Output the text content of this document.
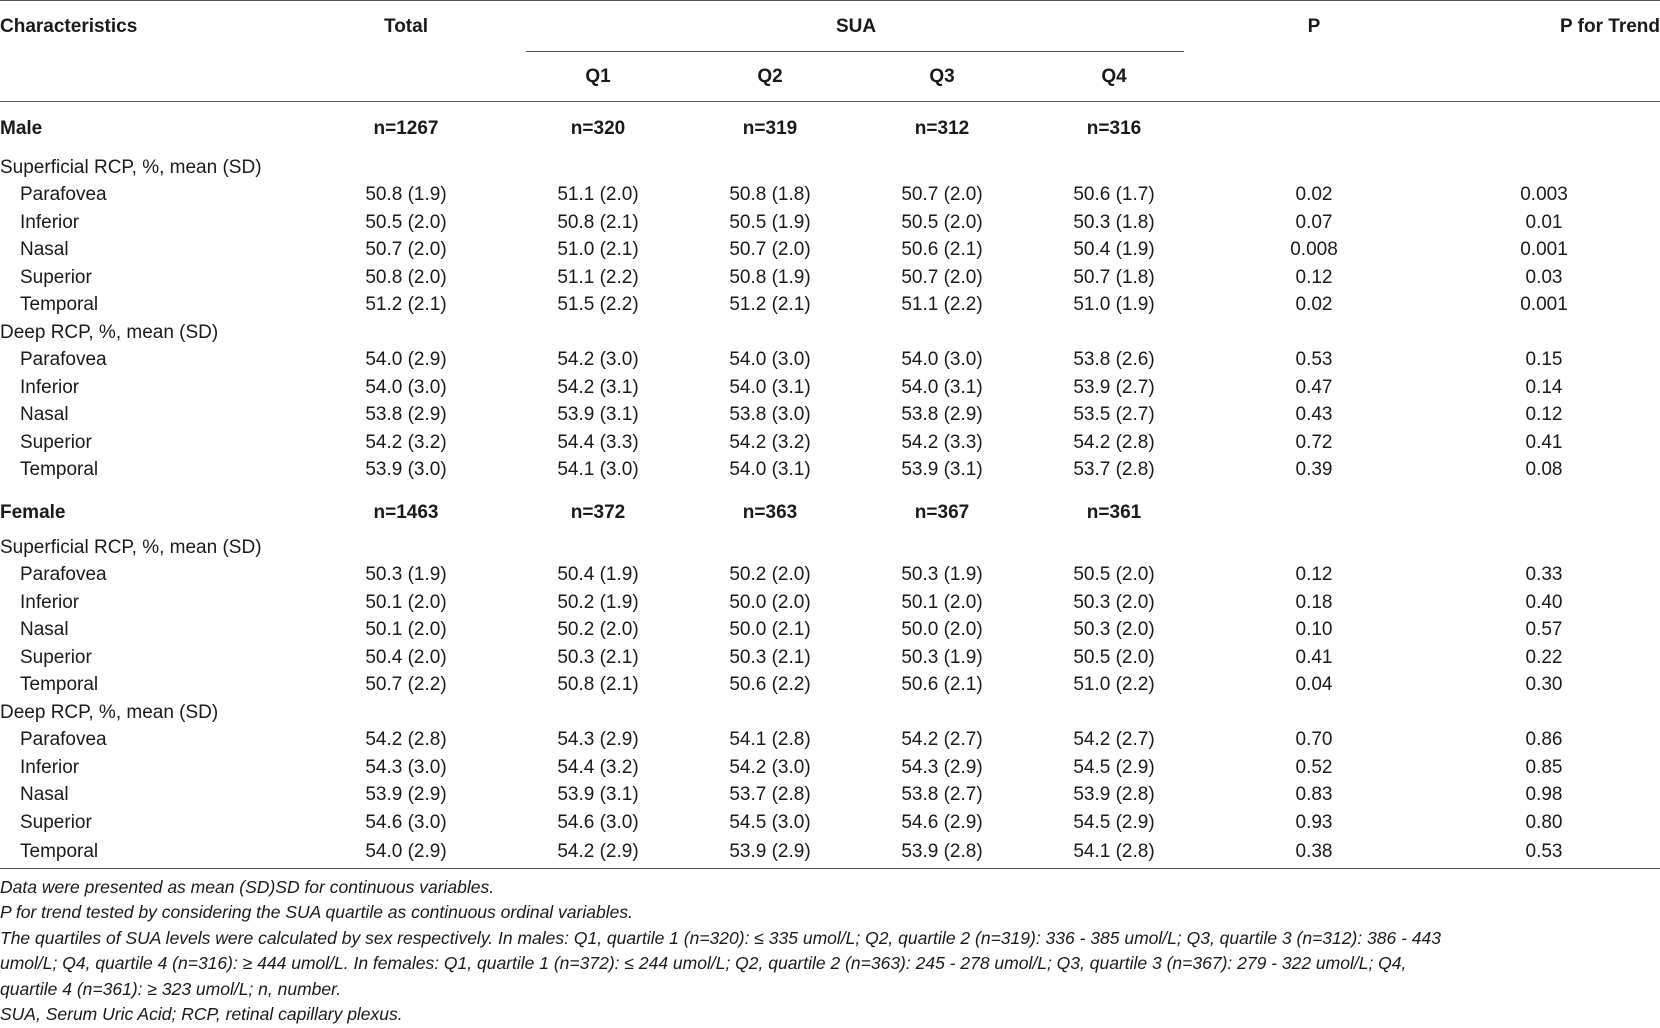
Characteristics	Total	SUA				P	P for Trend
		Q1	Q2	Q3	Q4		
Male	n=1267	n=320	n=319	n=312	n=316		
Superficial RCP, %, mean (SD)							
Parafovea	50.8 (1.9)	51.1 (2.0)	50.8 (1.8)	50.7 (2.0)	50.6 (1.7)	0.02	0.003
Inferior	50.5 (2.0)	50.8 (2.1)	50.5 (1.9)	50.5 (2.0)	50.3 (1.8)	0.07	0.01
Nasal	50.7 (2.0)	51.0 (2.1)	50.7 (2.0)	50.6 (2.1)	50.4 (1.9)	0.008	0.001
Superior	50.8 (2.0)	51.1 (2.2)	50.8 (1.9)	50.7 (2.0)	50.7 (1.8)	0.12	0.03
Temporal	51.2 (2.1)	51.5 (2.2)	51.2 (2.1)	51.1 (2.2)	51.0 (1.9)	0.02	0.001
Deep RCP, %, mean (SD)							
Parafovea	54.0 (2.9)	54.2 (3.0)	54.0 (3.0)	54.0 (3.0)	53.8 (2.6)	0.53	0.15
Inferior	54.0 (3.0)	54.2 (3.1)	54.0 (3.1)	54.0 (3.1)	53.9 (2.7)	0.47	0.14
Nasal	53.8 (2.9)	53.9 (3.1)	53.8 (3.0)	53.8 (2.9)	53.5 (2.7)	0.43	0.12
Superior	54.2 (3.2)	54.4 (3.3)	54.2 (3.2)	54.2 (3.3)	54.2 (2.8)	0.72	0.41
Temporal	53.9 (3.0)	54.1 (3.0)	54.0 (3.1)	53.9 (3.1)	53.7 (2.8)	0.39	0.08
Female	n=1463	n=372	n=363	n=367	n=361		
Superficial RCP, %, mean (SD)							
Parafovea	50.3 (1.9)	50.4 (1.9)	50.2 (2.0)	50.3 (1.9)	50.5 (2.0)	0.12	0.33
Inferior	50.1 (2.0)	50.2 (1.9)	50.0 (2.0)	50.1 (2.0)	50.3 (2.0)	0.18	0.40
Nasal	50.1 (2.0)	50.2 (2.0)	50.0 (2.1)	50.0 (2.0)	50.3 (2.0)	0.10	0.57
Superior	50.4 (2.0)	50.3 (2.1)	50.3 (2.1)	50.3 (1.9)	50.5 (2.0)	0.41	0.22
Temporal	50.7 (2.2)	50.8 (2.1)	50.6 (2.2)	50.6 (2.1)	51.0 (2.2)	0.04	0.30
Deep RCP, %, mean (SD)							
Parafovea	54.2 (2.8)	54.3 (2.9)	54.1 (2.8)	54.2 (2.7)	54.2 (2.7)	0.70	0.86
Inferior	54.3 (3.0)	54.4 (3.2)	54.2 (3.0)	54.3 (2.9)	54.5 (2.9)	0.52	0.85
Nasal	53.9 (2.9)	53.9 (3.1)	53.7 (2.8)	53.8 (2.7)	53.9 (2.8)	0.83	0.98
Superior	54.6 (3.0)	54.6 (3.0)	54.5 (3.0)	54.6 (2.9)	54.5 (2.9)	0.93	0.80
Temporal	54.0 (2.9)	54.2 (2.9)	53.9 (2.9)	53.9 (2.8)	54.1 (2.8)	0.38	0.53

Data were presented as mean (SD)SD for continuous variables.

P for trend tested by considering the SUA quartile as continuous ordinal variables.

The quartiles of SUA levels were calculated by sex respectively. In males: Q1, quartile 1 (n=320): ≤ 335 umol/L; Q2, quartile 2 (n=319): 336 - 385 umol/L; Q3, quartile 3 (n=312): 386 - 443 umol/L; Q4, quartile 4 (n=316): ≥ 444 umol/L. In females: Q1, quartile 1 (n=372): ≤ 244 umol/L; Q2, quartile 2 (n=363): 245 - 278 umol/L; Q3, quartile 3 (n=367): 279 - 322 umol/L; Q4, quartile 4 (n=361): ≥ 323 umol/L; n, number.

SUA, Serum Uric Acid; RCP, retinal capillary plexus.
